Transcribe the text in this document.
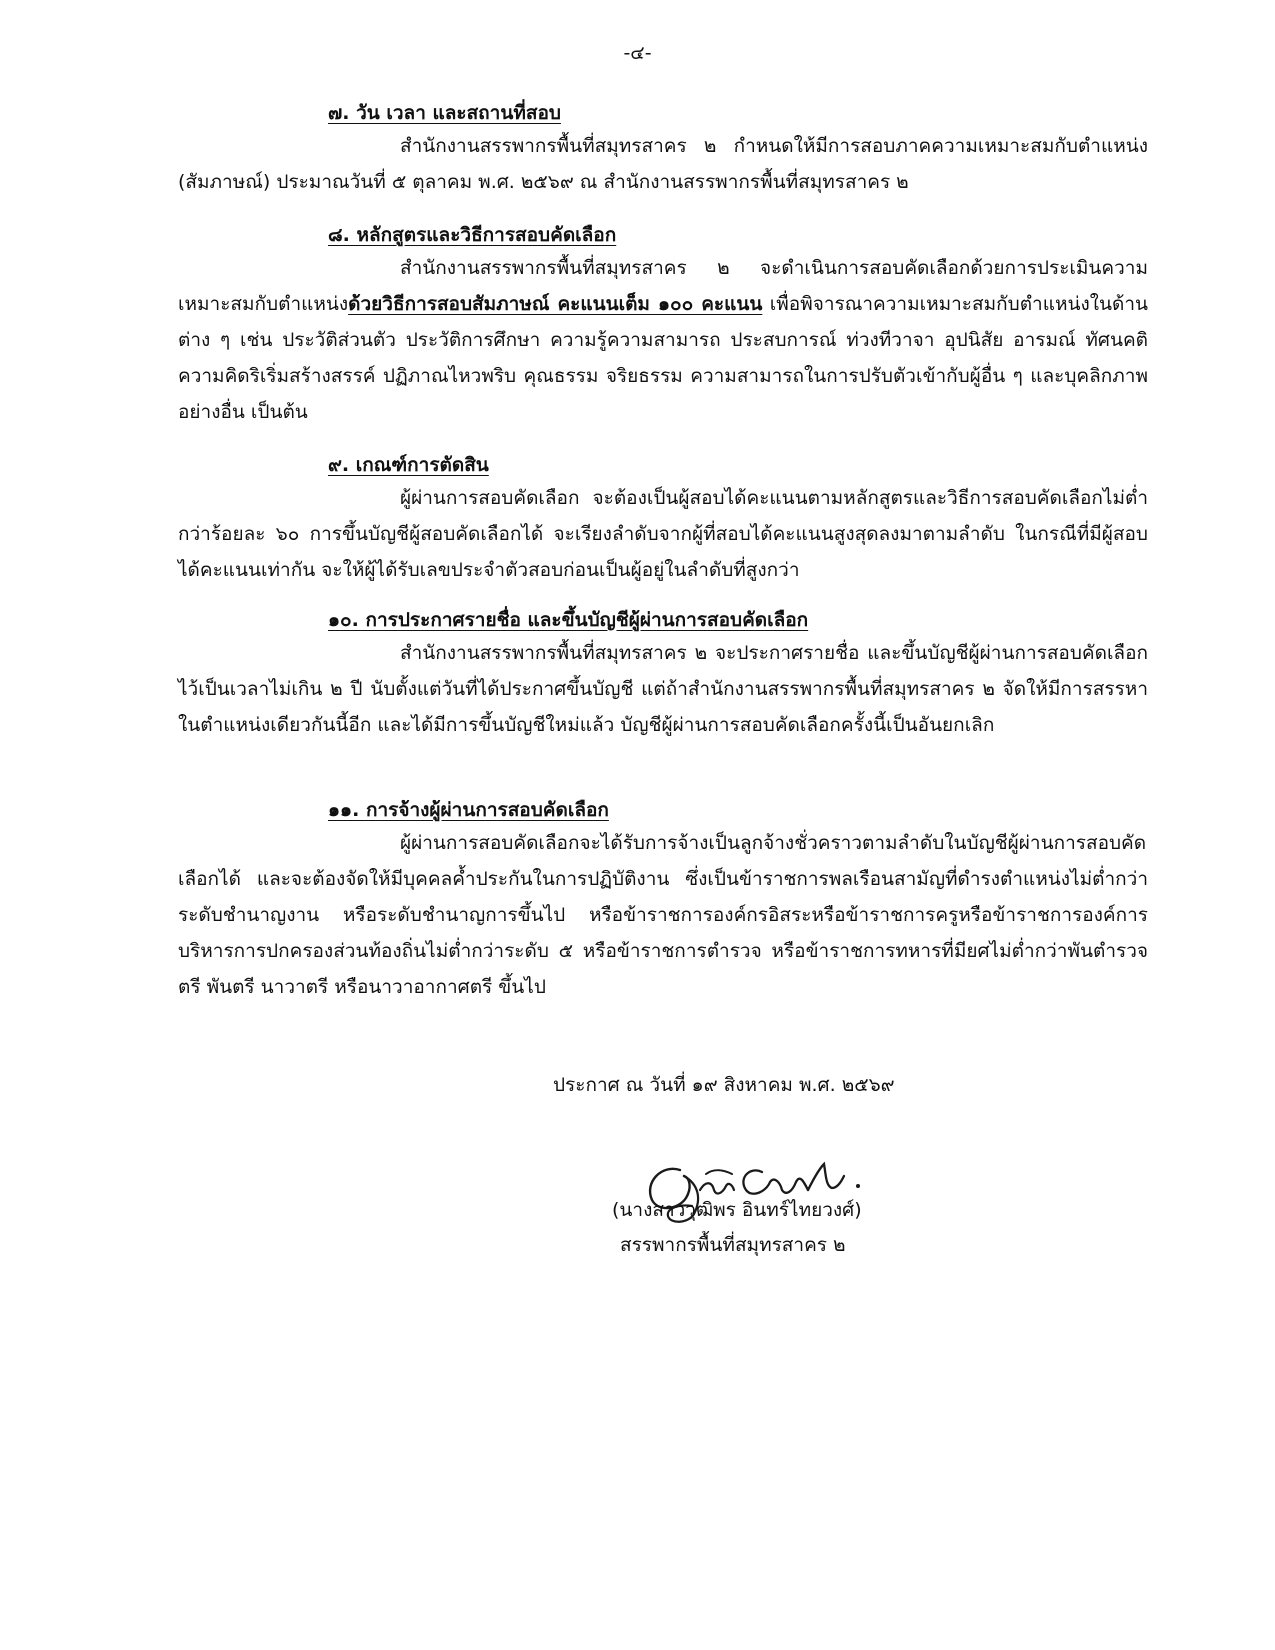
-๔-
๗. วัน เวลา และสถานที่สอบ
สำนักงานสรรพากรพื้นที่สมุทรสาคร ๒ กำหนดให้มีการสอบภาคความเหมาะสมกับตำแหน่ง (สัมภาษณ์) ประมาณวันที่ ๕ ตุลาคม พ.ศ. ๒๕๖๙ ณ สำนักงานสรรพากรพื้นที่สมุทรสาคร ๒
๘. หลักสูตรและวิธีการสอบคัดเลือก
สำนักงานสรรพากรพื้นที่สมุทรสาคร ๒ จะดำเนินการสอบคัดเลือกด้วยการประเมินความเหมาะสมกับตำแหน่งด้วยวิธีการสอบสัมภาษณ์ คะแนนเต็ม ๑๐๐ คะแนน เพื่อพิจารณาความเหมาะสมกับตำแหน่งในด้านต่าง ๆ เช่น ประวัติส่วนตัว ประวัติการศึกษา ความรู้ความสามารถ ประสบการณ์ ท่วงทีวาจา อุปนิสัย อารมณ์ ทัศนคติ ความคิดริเริ่มสร้างสรรค์ ปฏิภาณไหวพริบ คุณธรรม จริยธรรม ความสามารถในการปรับตัวเข้ากับผู้อื่น ๆ และบุคลิกภาพอย่างอื่น เป็นต้น
๙. เกณฑ์การตัดสิน
ผู้ผ่านการสอบคัดเลือก จะต้องเป็นผู้สอบได้คะแนนตามหลักสูตรและวิธีการสอบคัดเลือกไม่ต่ำกว่าร้อยละ ๖๐ การขึ้นบัญชีผู้สอบคัดเลือกได้ จะเรียงลำดับจากผู้ที่สอบได้คะแนนสูงสุดลงมาตามลำดับ ในกรณีที่มีผู้สอบได้คะแนนเท่ากัน จะให้ผู้ได้รับเลขประจำตัวสอบก่อนเป็นผู้อยู่ในลำดับที่สูงกว่า
๑๐. การประกาศรายชื่อ และขึ้นบัญชีผู้ผ่านการสอบคัดเลือก
สำนักงานสรรพากรพื้นที่สมุทรสาคร ๒ จะประกาศรายชื่อ และขึ้นบัญชีผู้ผ่านการสอบคัดเลือกไว้เป็นเวลาไม่เกิน ๒ ปี นับตั้งแต่วันที่ได้ประกาศขึ้นบัญชี แต่ถ้าสำนักงานสรรพากรพื้นที่สมุทรสาคร ๒ จัดให้มีการสรรหาในตำแหน่งเดียวกันนี้อีก และได้มีการขึ้นบัญชีใหม่แล้ว บัญชีผู้ผ่านการสอบคัดเลือกครั้งนี้เป็นอันยกเลิก
๑๑. การจ้างผู้ผ่านการสอบคัดเลือก
ผู้ผ่านการสอบคัดเลือกจะได้รับการจ้างเป็นลูกจ้างชั่วคราวตามลำดับในบัญชีผู้ผ่านการสอบคัดเลือกได้ และจะต้องจัดให้มีบุคคลค้ำประกันในการปฏิบัติงาน ซึ่งเป็นข้าราชการพลเรือนสามัญที่ดำรงตำแหน่งไม่ต่ำกว่าระดับชำนาญงาน หรือระดับชำนาญการขึ้นไป หรือข้าราชการองค์กรอิสระหรือข้าราชการครูหรือข้าราชการองค์การบริหารการปกครองส่วนท้องถิ่นไม่ต่ำกว่าระดับ ๕ หรือข้าราชการตำรวจ หรือข้าราชการทหารที่มียศไม่ต่ำกว่าพันตำรวจตรี พันตรี นาวาตรี หรือนาวาอากาศตรี ขึ้นไป
ประกาศ ณ วันที่ ๑๙ สิงหาคม พ.ศ. ๒๕๖๙
(นางสาววุฒิพร อินทร์ไทยวงศ์)
สรรพากรพื้นที่สมุทรสาคร ๒
